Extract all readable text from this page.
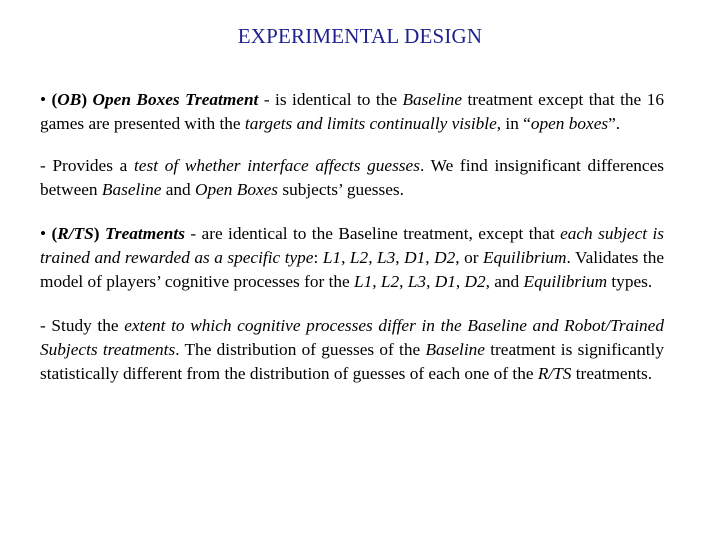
EXPERIMENTAL DESIGN

• (OB) Open Boxes Treatment - is identical to the Baseline treatment except that the 16 games are presented with the targets and limits continually visible, in “open boxes”.

- Provides a test of whether interface affects guesses. We find insignificant differences between Baseline and Open Boxes subjects’ guesses.

• (R/TS) Treatments - are identical to the Baseline treatment, except that each subject is trained and rewarded as a specific type: L1, L2, L3, D1, D2, or Equilibrium. Validates the model of players’ cognitive processes for the L1, L2, L3, D1, D2, and Equilibrium types.

- Study the extent to which cognitive processes differ in the Baseline and Robot/Trained Subjects treatments. The distribution of guesses of the Baseline treatment is significantly statistically different from the distribution of guesses of each one of the R/TS treatments.
